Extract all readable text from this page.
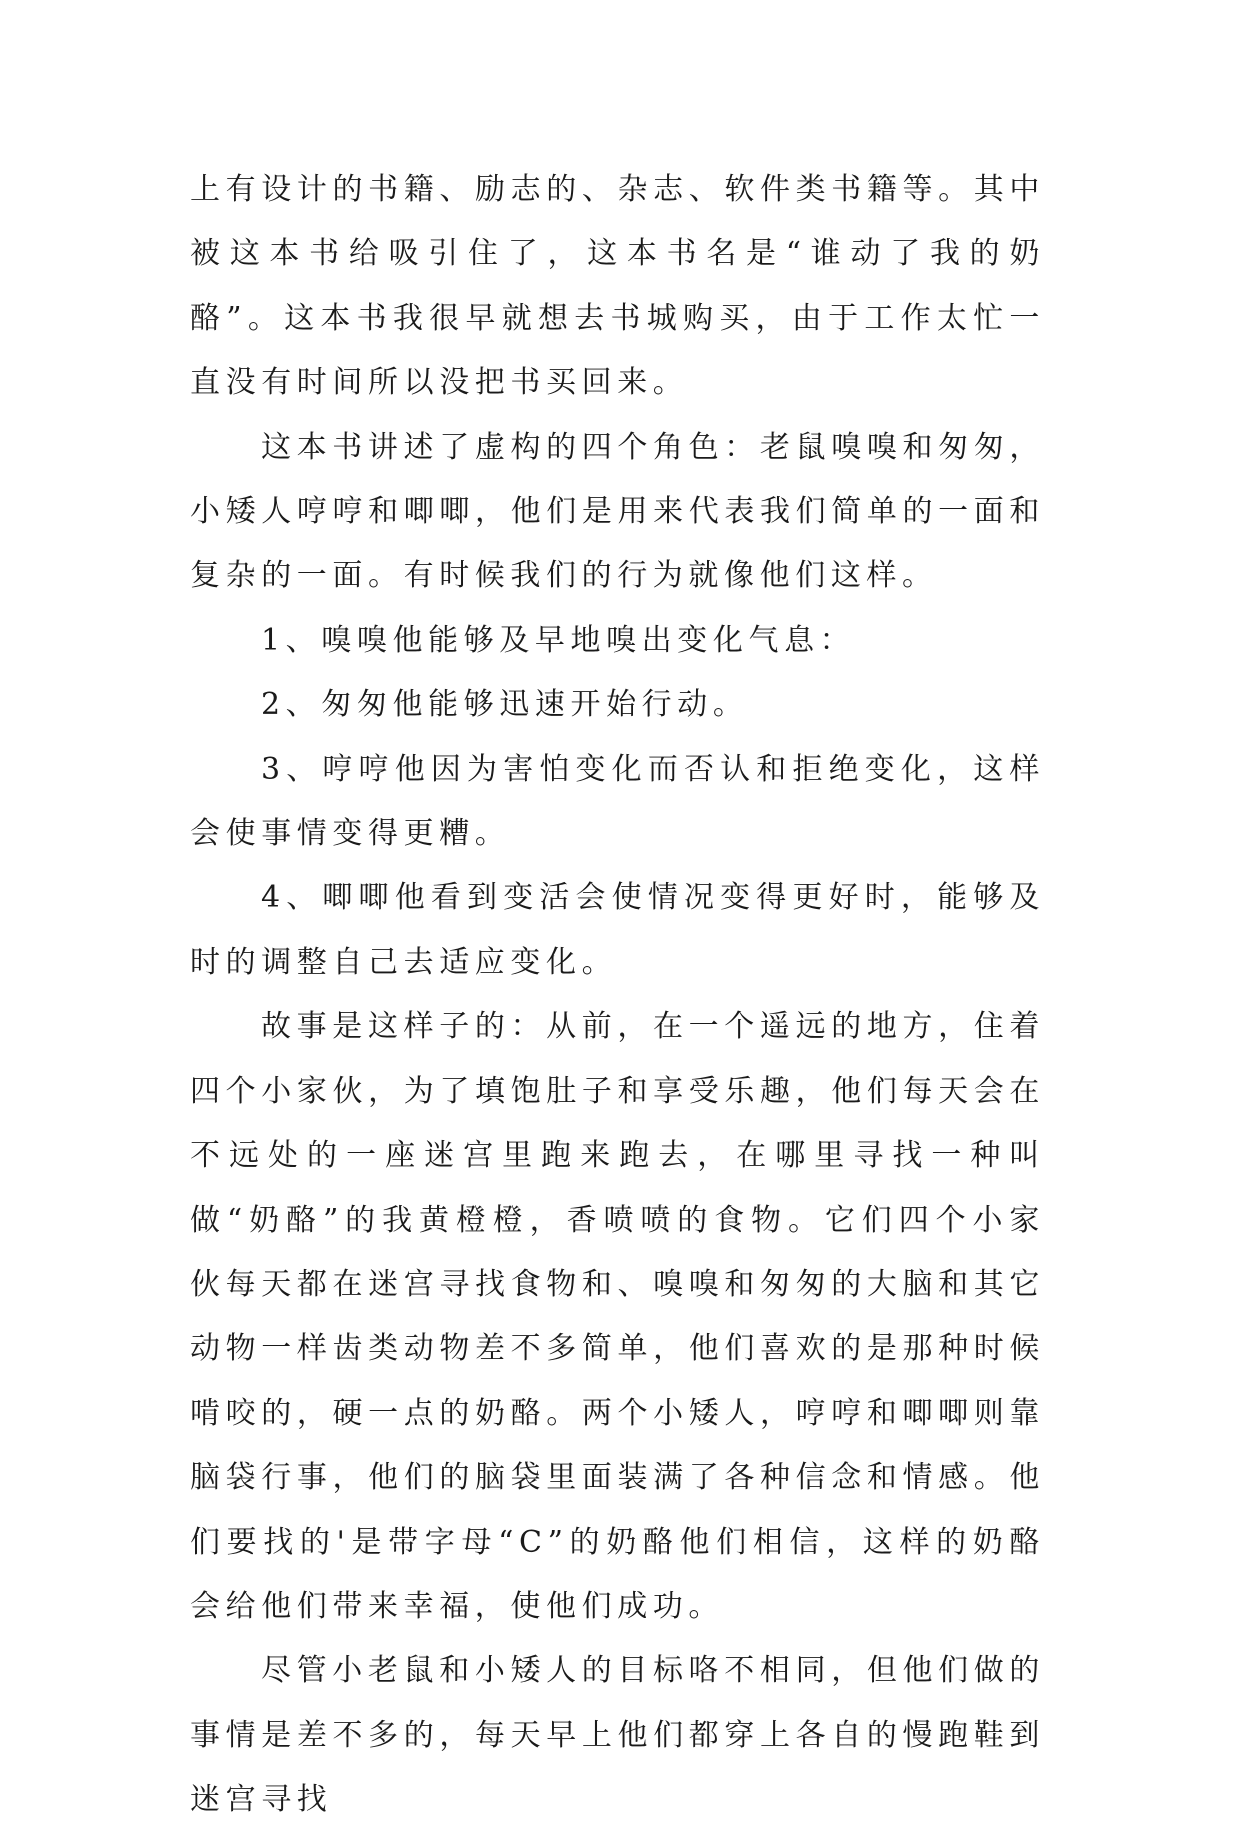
上有设计的书籍、励志的、杂志、软件类书籍等。其中被这本书给吸引住了，这本书名是“谁动了我的奶酪”。这本书我很早就想去书城购买，由于工作太忙一直没有时间所以没把书买回来。

这本书讲述了虚构的四个角色：老鼠嗅嗅和匆匆，小矮人哼哼和唧唧，他们是用来代表我们简单的一面和复杂的一面。有时候我们的行为就像他们这样。

1、嗅嗅他能够及早地嗅出变化气息：

2、匆匆他能够迅速开始行动。

3、哼哼他因为害怕变化而否认和拒绝变化，这样会使事情变得更糟。

4、唧唧他看到变活会使情况变得更好时，能够及时的调整自己去适应变化。

故事是这样子的：从前，在一个遥远的地方，住着四个小家伙，为了填饱肚子和享受乐趣，他们每天会在不远处的一座迷宫里跑来跑去，在哪里寻找一种叫做“奶酪”的我黄橙橙，香喷喷的食物。它们四个小家伙每天都在迷宫寻找食物和、嗅嗅和匆匆的大脑和其它动物一样齿类动物差不多简单，他们喜欢的是那种时候啃咬的，硬一点的奶酪。两个小矮人，哼哼和唧唧则靠脑袋行事，他们的脑袋里面装满了各种信念和情感。他们要找的'是带字母“C”的奶酪他们相信，这样的奶酪会给他们带来幸福，使他们成功。

尽管小老鼠和小矮人的目标咯不相同，但他们做的事情是差不多的，每天早上他们都穿上各自的慢跑鞋到迷宫寻找
